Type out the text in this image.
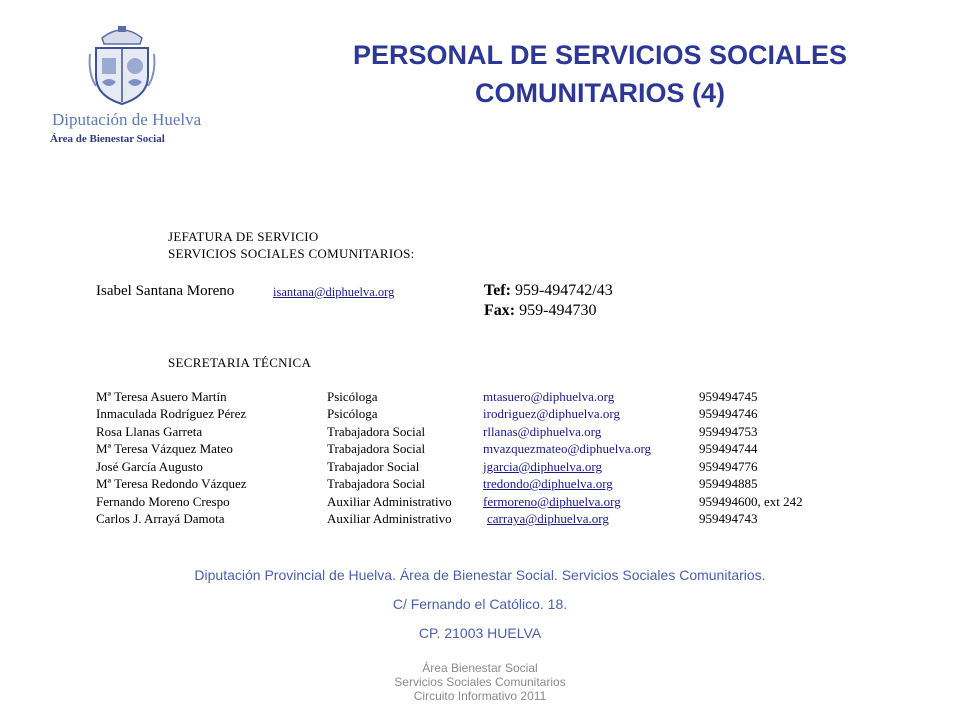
Diputación de Huelva
Área de Bienestar Social
PERSONAL DE SERVICIOS SOCIALES
COMUNITARIOS (4)
JEFATURA DE SERVICIO
SERVICIOS SOCIALES COMUNITARIOS:
Isabel Santana Moreno	isantana@diphuelva.org	Tef: 959-494742/43
Fax: 959-494730
SECRETARIA TÉCNICA
Mª Teresa Asuero Martín	Psicóloga	mtasuero@diphuelva.org	959494745
Inmaculada Rodríguez Pérez	Psicóloga	irodriguez@diphuelva.org	959494746
Rosa Llanas Garreta	Trabajadora Social	rllanas@diphuelva.org	959494753
Mª Teresa Vázquez Mateo	Trabajadora Social	mvazquezmateo@diphuelva.org	959494744
José García Augusto	Trabajador Social	jgarcia@diphuelva.org	959494776
Mª Teresa Redondo Vázquez	Trabajadora Social	tredondo@diphuelva.org	959494885
Fernando Moreno Crespo	Auxiliar Administrativo	fermoreno@diphuelva.org	959494600, ext 242
Carlos J. Arrayá Damota	Auxiliar Administrativo	carraya@diphuelva.org	959494743
Diputación Provincial de Huelva. Área de Bienestar Social. Servicios Sociales Comunitarios.
C/ Fernando el Católico. 18.
CP. 21003 HUELVA
Área Bienestar Social
Servicios Sociales Comunitarios
Circuito Informativo 2011
